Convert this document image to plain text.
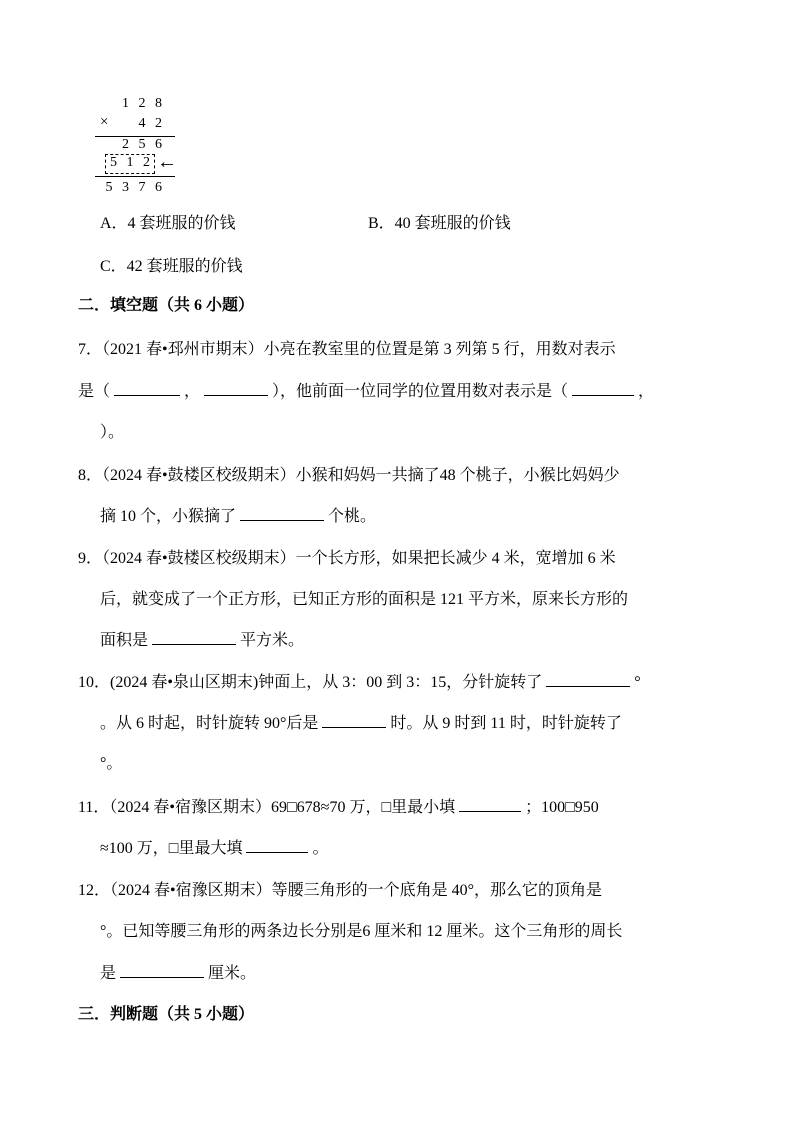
1 2 8
× 4 2
2 5 6
5 1 2 ←
5 3 7 6
A．4 套班服的价钱	B．40 套班服的价钱
C．42 套班服的价钱
二．填空题（共 6 小题）
7．（2021 春•邳州市期末）小亮在教室里的位置是第 3 列第 5 行，用数对表示
是（	，	），他前面一位同学的位置用数对表示是（	，
）。
8．（2024 春•鼓楼区校级期末）小猴和妈妈一共摘了48 个桃子，小猴比妈妈少
摘 10 个，小猴摘了	个桃。
9．（2024 春•鼓楼区校级期末）一个长方形，如果把长减少 4 米，宽增加 6 米
后，就变成了一个正方形，已知正方形的面积是 121 平方米，原来长方形的
面积是	平方米。
10．(2024 春•泉山区期末)钟面上，从 3：00 到 3：15，分针旋转了	°
。从 6 时起，时针旋转 90°后是	时。从 9 时到 11 时，时针旋转了
°。
11．（2024 春•宿豫区期末）69□678≈70 万，□里最小填	；100□950
≈100 万，□里最大填	。
12．（2024 春•宿豫区期末）等腰三角形的一个底角是 40°，那么它的顶角是
°。已知等腰三角形的两条边长分别是6 厘米和 12 厘米。这个三角形的周长
是	厘米。
三．判断题（共 5 小题）
